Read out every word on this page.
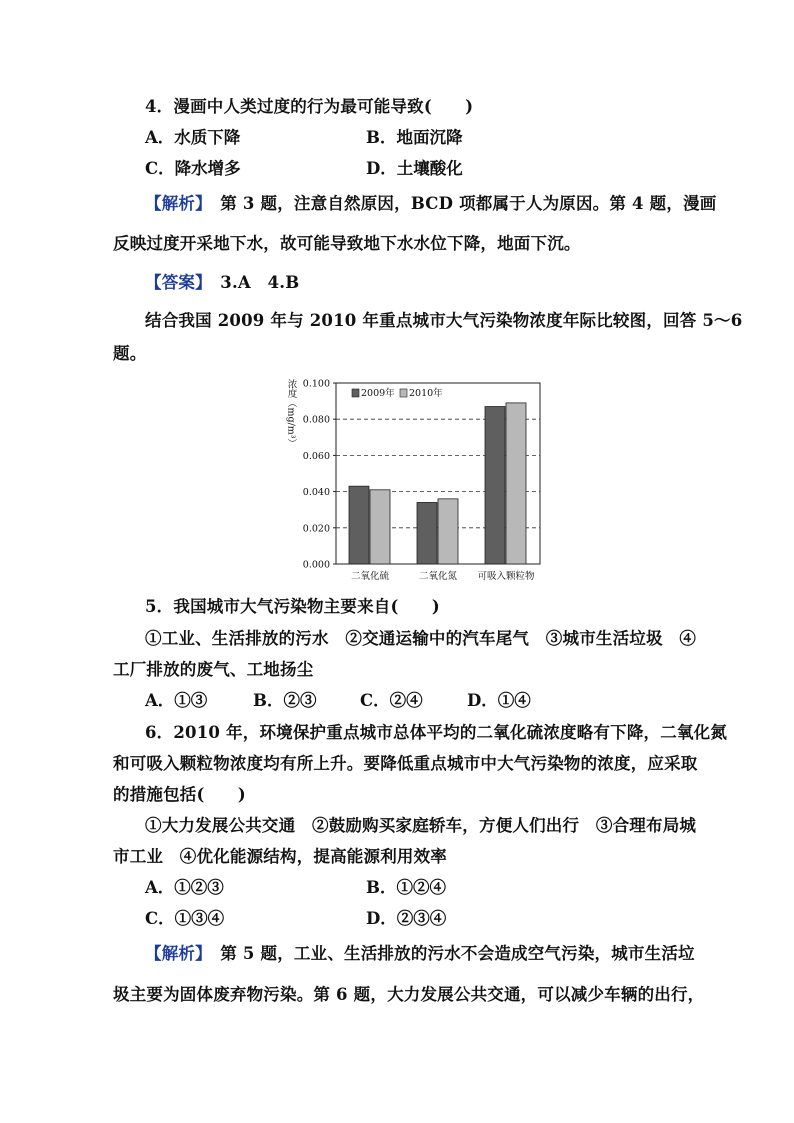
4．漫画中人类过度的行为最可能导致(　　)
A．水质下降	B．地面沉降
C．降水增多	D．土壤酸化
【解析】　第 3 题，注意自然原因，BCD 项都属于人为原因。第 4 题，漫画
反映过度开采地下水，故可能导致地下水水位下降，地面下沉。
【答案】　3.A　4.B
结合我国 2009 年与 2010 年重点城市大气污染物浓度年际比较图，回答 5～6
题。
0.000
0.020
0.040
0.060
0.080
0.100
浓度（mg/m³）
二氧化硫	二氧化氮 可吸入颗粒物
2009年 2010年
5．我国城市大气污染物主要来自(　　)
①工业、生活排放的污水　②交通运输中的汽车尾气　③城市生活垃圾　④
工厂排放的废气、工地扬尘
A．①③	B．②③	C．②④	D．①④
6．2010 年，环境保护重点城市总体平均的二氧化硫浓度略有下降，二氧化氮
和可吸入颗粒物浓度均有所上升。要降低重点城市中大气污染物的浓度，应采取
的措施包括(　　)
①大力发展公共交通　②鼓励购买家庭轿车，方便人们出行　③合理布局城
市工业　④优化能源结构，提高能源利用效率
A．①②③	B．①②④
C．①③④	D．②③④
【解析】　第 5 题，工业、生活排放的污水不会造成空气污染，城市生活垃
圾主要为固体废弃物污染。第 6 题，大力发展公共交通，可以减少车辆的出行，
